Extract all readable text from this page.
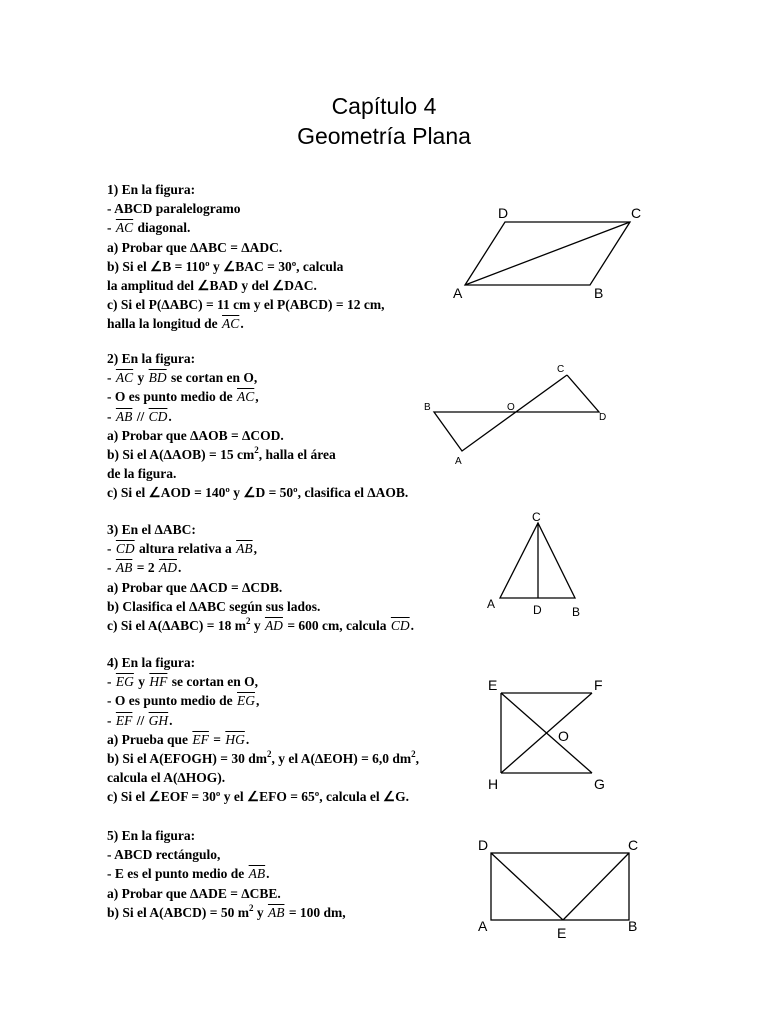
Capítulo 4
Geometría Plana
1) En la figura:
- ABCD paralelogramo
- $\overline{AC}$ diagonal.
a) Probar que ∆ABC = ∆ADC.
b) Si el ∠B = 110º y ∠BAC = 30º, calcula
la amplitud del ∠BAD y del ∠DAC.
c) Si el P(∆ABC) = 11 cm y el P(ABCD) = 12 cm,
halla la longitud de $\overline{AC}$.
2) En la figura:
- $\overline{AC}$ y $\overline{BD}$ se cortan en O,
- O es punto medio de $\overline{AC}$,
- $\overline{AB} // \overline{CD}$.
a) Probar que ∆AOB = ∆COD.
b) Si el A(∆AOB) = 15 $cm^2$, halla el área
de la figura.
c) Si el ∠AOD = 140º y ∠D = 50º, clasifica el ∆AOB.
3) En el ∆ABC:
- $\overline{CD}$ altura relativa a $\overline{AB}$,
- $\overline{AB} = 2$ $\overline{AD}$.
a) Probar que ∆ACD = ∆CDB.
b) Clasifica el ∆ABC según sus lados.
c) Si el A(∆ABC) = 18 $m^2$ y $\overline{AD} = 600$ cm, calcula $\overline{CD}$.
4) En la figura:
- $\overline{EG}$ y $\overline{HF}$ se cortan en O,
- O es punto medio de $\overline{EG}$,
- $\overline{EF} // \overline{GH}$.
a) Prueba que $\overline{EF} = \overline{HG}$.
b) Si el A(EFOGH) = 30 $dm^2$, y el A(∆EOH) = 6,0 $dm^2$,
calcula el A(∆HOG).
c) Si el ∠EOF = 30º y el ∠EFO = 65º, calcula el ∠G.
5) En la figura:
- ABCD rectángulo,
- E es el punto medio de $\overline{AB}$.
a) Probar que ∆ADE = ∆CBE.
b) Si el A(ABCD) = 50 $m^2$ y $\overline{AB} = 100$ dm,
D	C
A	B
C
B	O
D
A
C
A	D	B
E	F
O
H	G
D	C
A	E	B
